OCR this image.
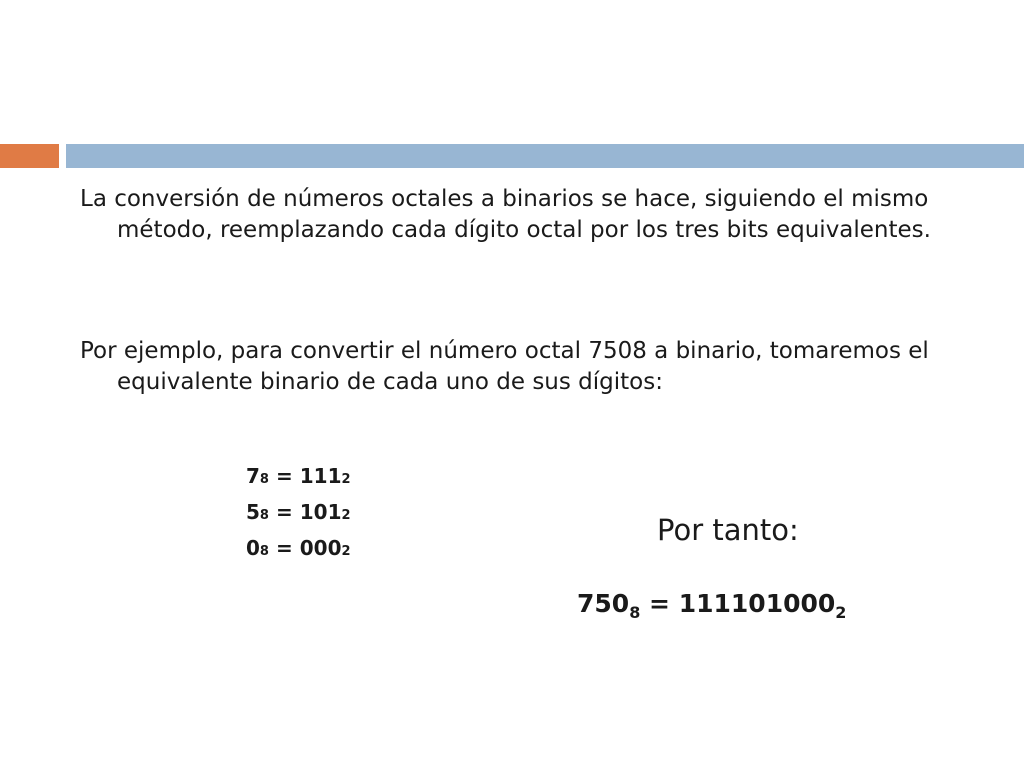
La conversión de números octales a binarios se hace, siguiendo el mismo método, reemplazando cada dígito octal por los tres bits equivalentes.

Por ejemplo, para convertir el número octal 7508 a binario, tomaremos el equivalente binario de cada uno de sus dígitos:

78 = 1112
58 = 1012
08 = 0002
Por tanto:
$750_8 = 111101000_2$
